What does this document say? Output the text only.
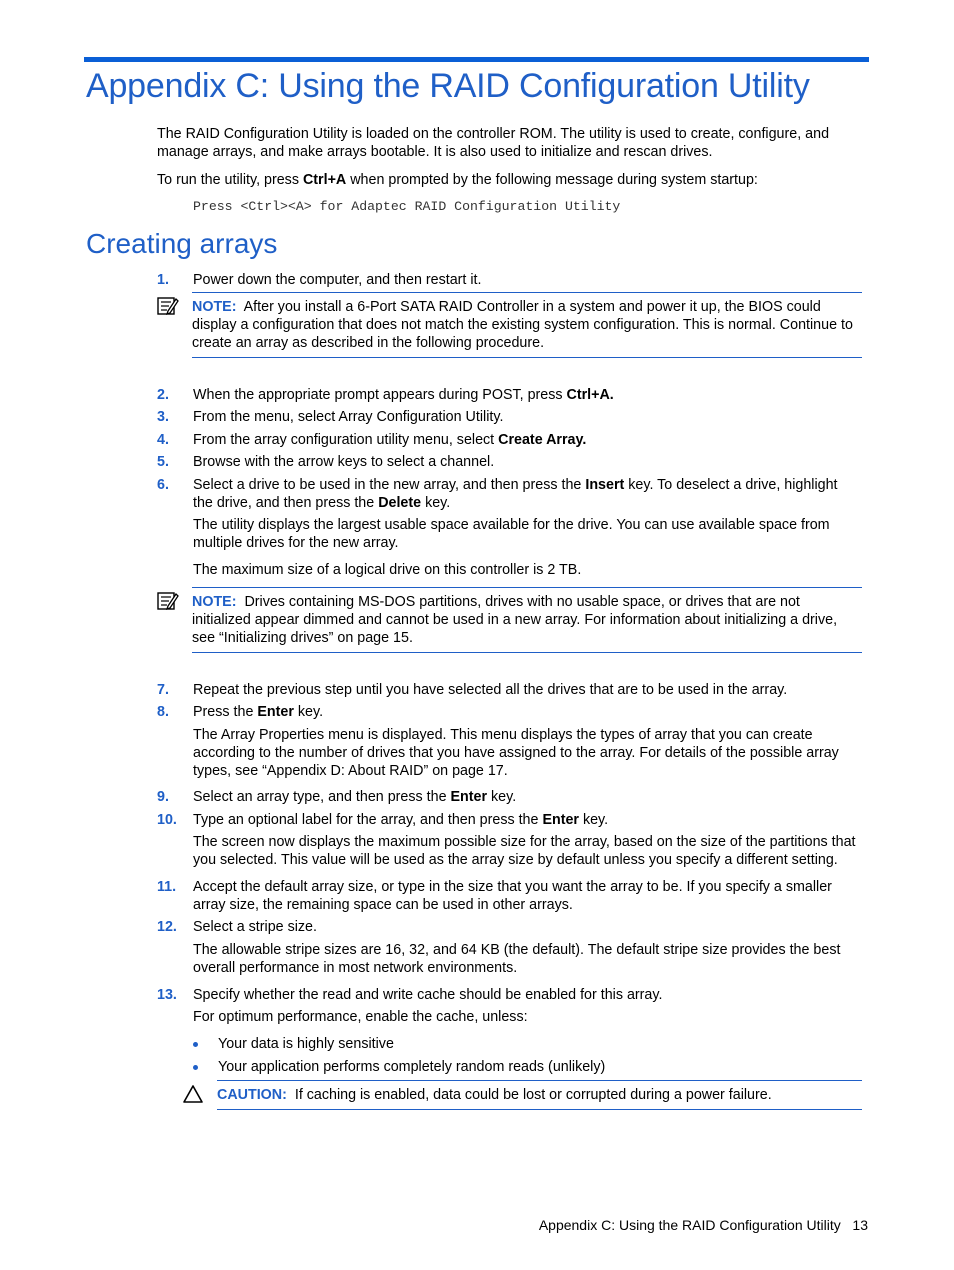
Appendix C: Using the RAID Configuration Utility

The RAID Configuration Utility is loaded on the controller ROM. The utility is used to create, configure, and manage arrays, and make arrays bootable. It is also used to initialize and rescan drives.

To run the utility, press Ctrl+A when prompted by the following message during system startup:

Press <Ctrl><A> for Adaptec RAID Configuration Utility
Creating arrays
1. Power down the computer, and then restart it.

NOTE: After you install a 6-Port SATA RAID Controller in a system and power it up, the BIOS could display a configuration that does not match the existing system configuration. This is normal. Continue to create an array as described in the following procedure.

2. When the appropriate prompt appears during POST, press Ctrl+A.
3. From the menu, select Array Configuration Utility.
4. From the array configuration utility menu, select Create Array.
5. Browse with the arrow keys to select a channel.
6. Select a drive to be used in the new array, and then press the Insert key. To deselect a drive, highlight the drive, and then press the Delete key.

The utility displays the largest usable space available for the drive. You can use available space from multiple drives for the new array.

The maximum size of a logical drive on this controller is 2 TB.

NOTE: Drives containing MS-DOS partitions, drives with no usable space, or drives that are not initialized appear dimmed and cannot be used in a new array. For information about initializing a drive, see “Initializing drives” on page 15.

7. Repeat the previous step until you have selected all the drives that are to be used in the array.
8. Press the Enter key.

The Array Properties menu is displayed. This menu displays the types of array that you can create according to the number of drives that you have assigned to the array. For details of the possible array types, see “Appendix D: About RAID” on page 17.

9. Select an array type, and then press the Enter key.
10. Type an optional label for the array, and then press the Enter key.

The screen now displays the maximum possible size for the array, based on the size of the partitions that you selected. This value will be used as the array size by default unless you specify a different setting.

11. Accept the default array size, or type in the size that you want the array to be. If you specify a smaller array size, the remaining space can be used in other arrays.
12. Select a stripe size.

The allowable stripe sizes are 16, 32, and 64 KB (the default). The default stripe size provides the best overall performance in most network environments.

13. Specify whether the read and write cache should be enabled for this array.

For optimum performance, enable the cache, unless:

Your data is highly sensitive
Your application performs completely random reads (unlikely)
CAUTION: If caching is enabled, data could be lost or corrupted during a power failure.
Appendix C: Using the RAID Configuration Utility 13
